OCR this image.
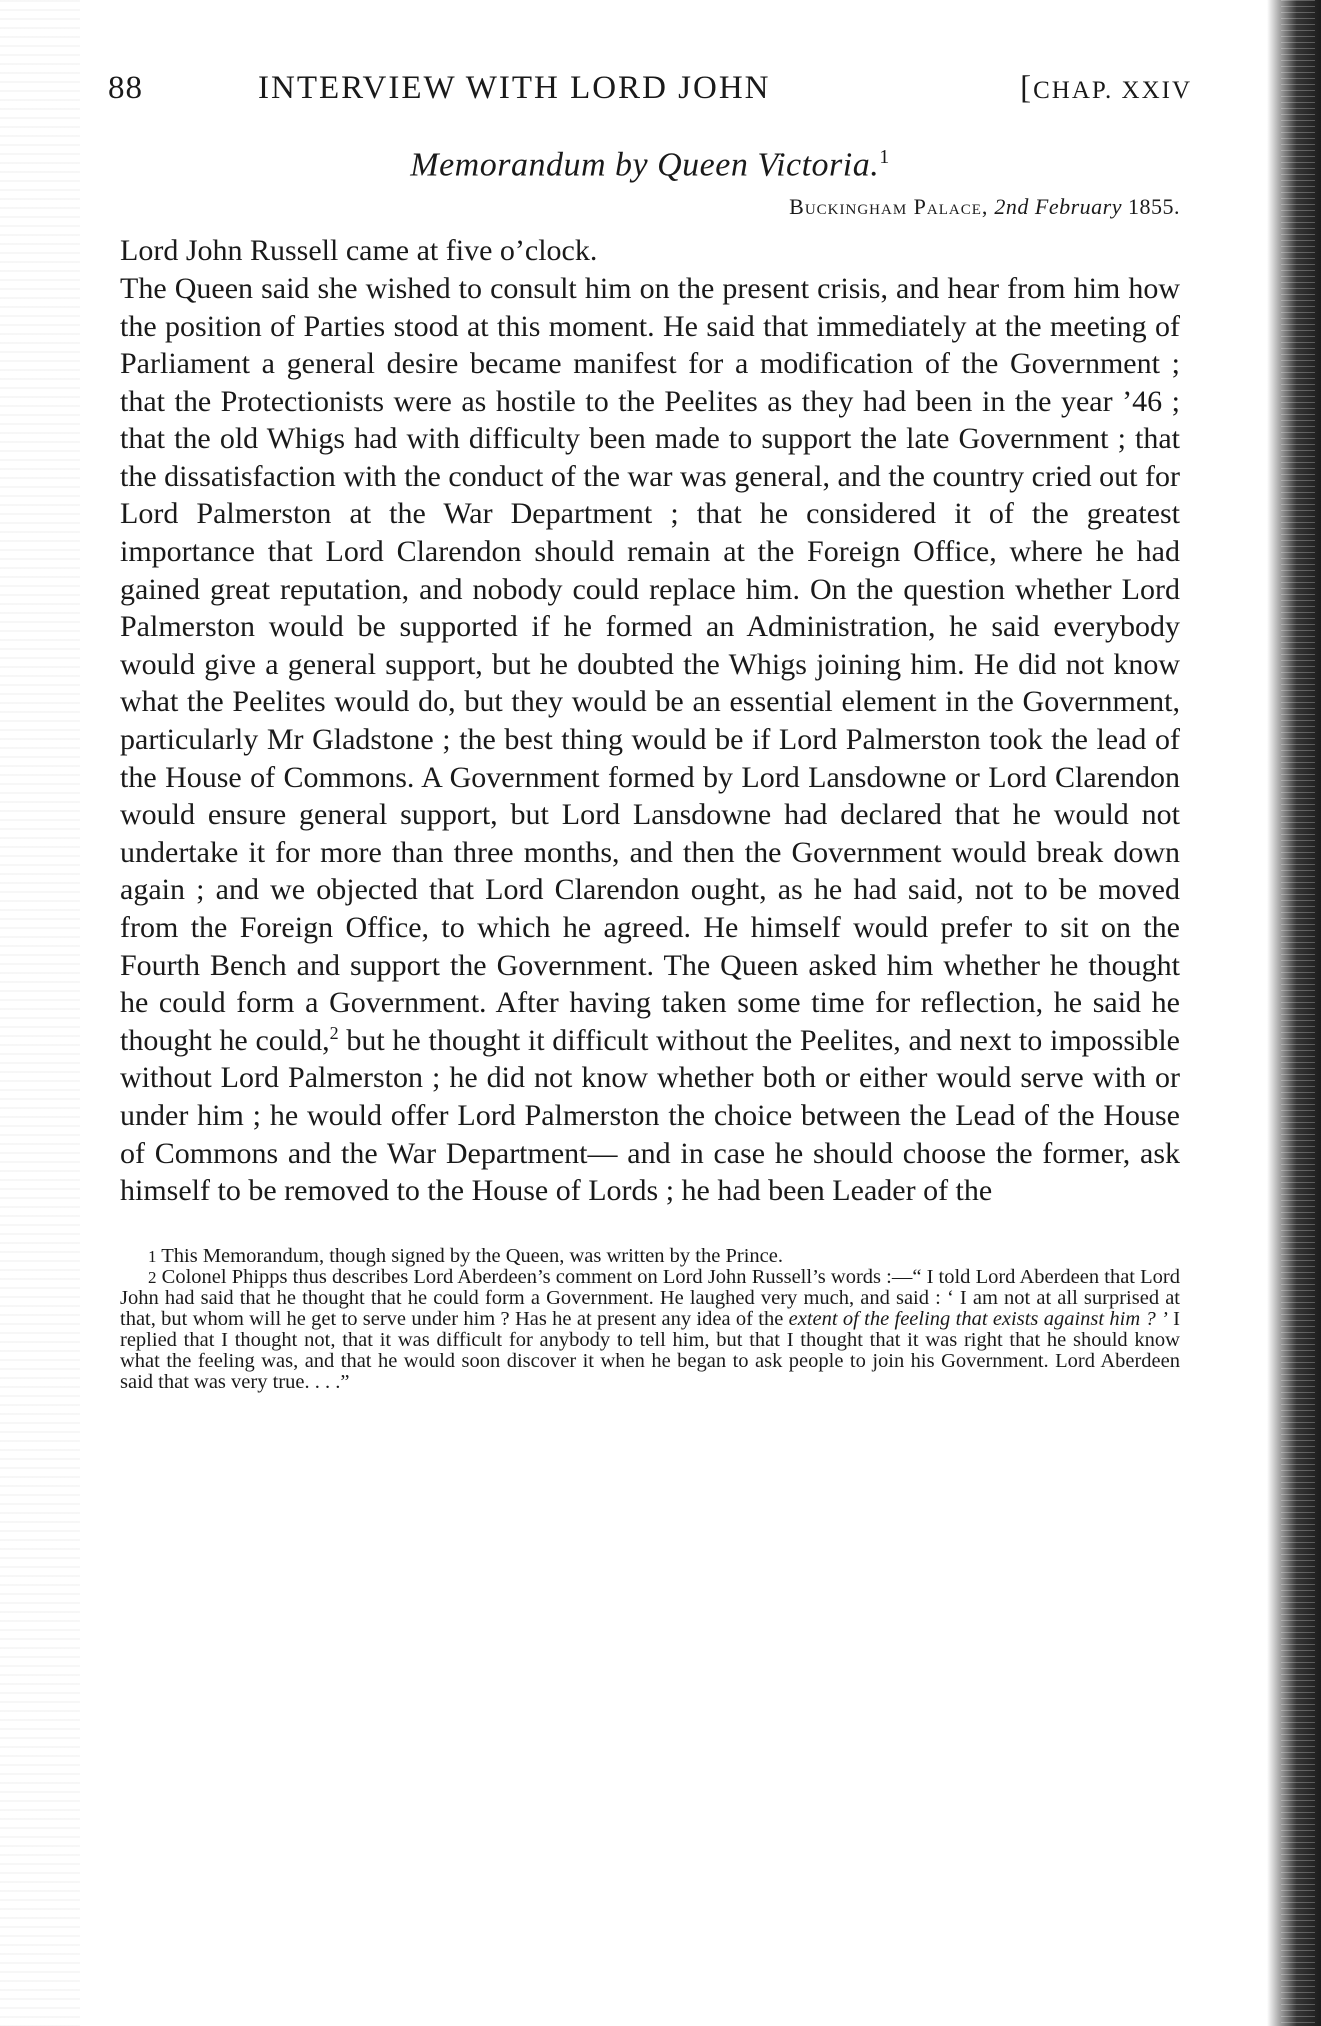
88	INTERVIEW WITH LORD JOHN	[CHAP. XXIV
Memorandum by Queen Victoria.$^1$
Buckingham Palace, 2nd February 1855.

Lord John Russell came at five o’clock.

The Queen said she wished to consult him on the present crisis, and hear from him how the position of Parties stood at this moment. He said that immediately at the meeting of Parliament a general desire became manifest for a modification of the Government ; that the Protectionists were as hostile to the Peelites as they had been in the year ’46 ; that the old Whigs had with difficulty been made to support the late Government ; that the dissatisfaction with the conduct of the war was general, and the country cried out for Lord Palmerston at the War Department ; that he considered it of the greatest importance that Lord Clarendon should remain at the Foreign Office, where he had gained great reputation, and nobody could replace him. On the question whether Lord Palmerston would be supported if he formed an Administration, he said everybody would give a general support, but he doubted the Whigs joining him. He did not know what the Peelites would do, but they would be an essential element in the Government, particularly Mr Gladstone ; the best thing would be if Lord Palmerston took the lead of the House of Commons. A Government formed by Lord Lansdowne or Lord Clarendon would ensure general support, but Lord Lansdowne had declared that he would not undertake it for more than three months, and then the Government would break down again ; and we objected that Lord Clarendon ought, as he had said, not to be moved from the Foreign Office, to which he agreed. He himself would prefer to sit on the Fourth Bench and support the Government. The Queen asked him whether he thought he could form a Government. After having taken some time for reflection, he said he thought he could,$^2$ but he thought it difficult without the Peelites, and next to impossible without Lord Palmerston ; he did not know whether both or either would serve with or under him ; he would offer Lord Palmerston the choice between the Lead of the House of Commons and the War Department— and in case he should choose the former, ask himself to be removed to the House of Lords ; he had been Leader of the

1 This Memorandum, though signed by the Queen, was written by the Prince.

2 Colonel Phipps thus describes Lord Aberdeen’s comment on Lord John Russell’s words :—“ I told Lord Aberdeen that Lord John had said that he thought that he could form a Government. He laughed very much, and said : ‘ I am not at all surprised at that, but whom will he get to serve under him ? Has he at present any idea of the extent of the feeling that exists against him ? ’ I replied that I thought not, that it was difficult for anybody to tell him, but that I thought that it was right that he should know what the feeling was, and that he would soon discover it when he began to ask people to join his Government. Lord Aberdeen said that was very true. . . .”
